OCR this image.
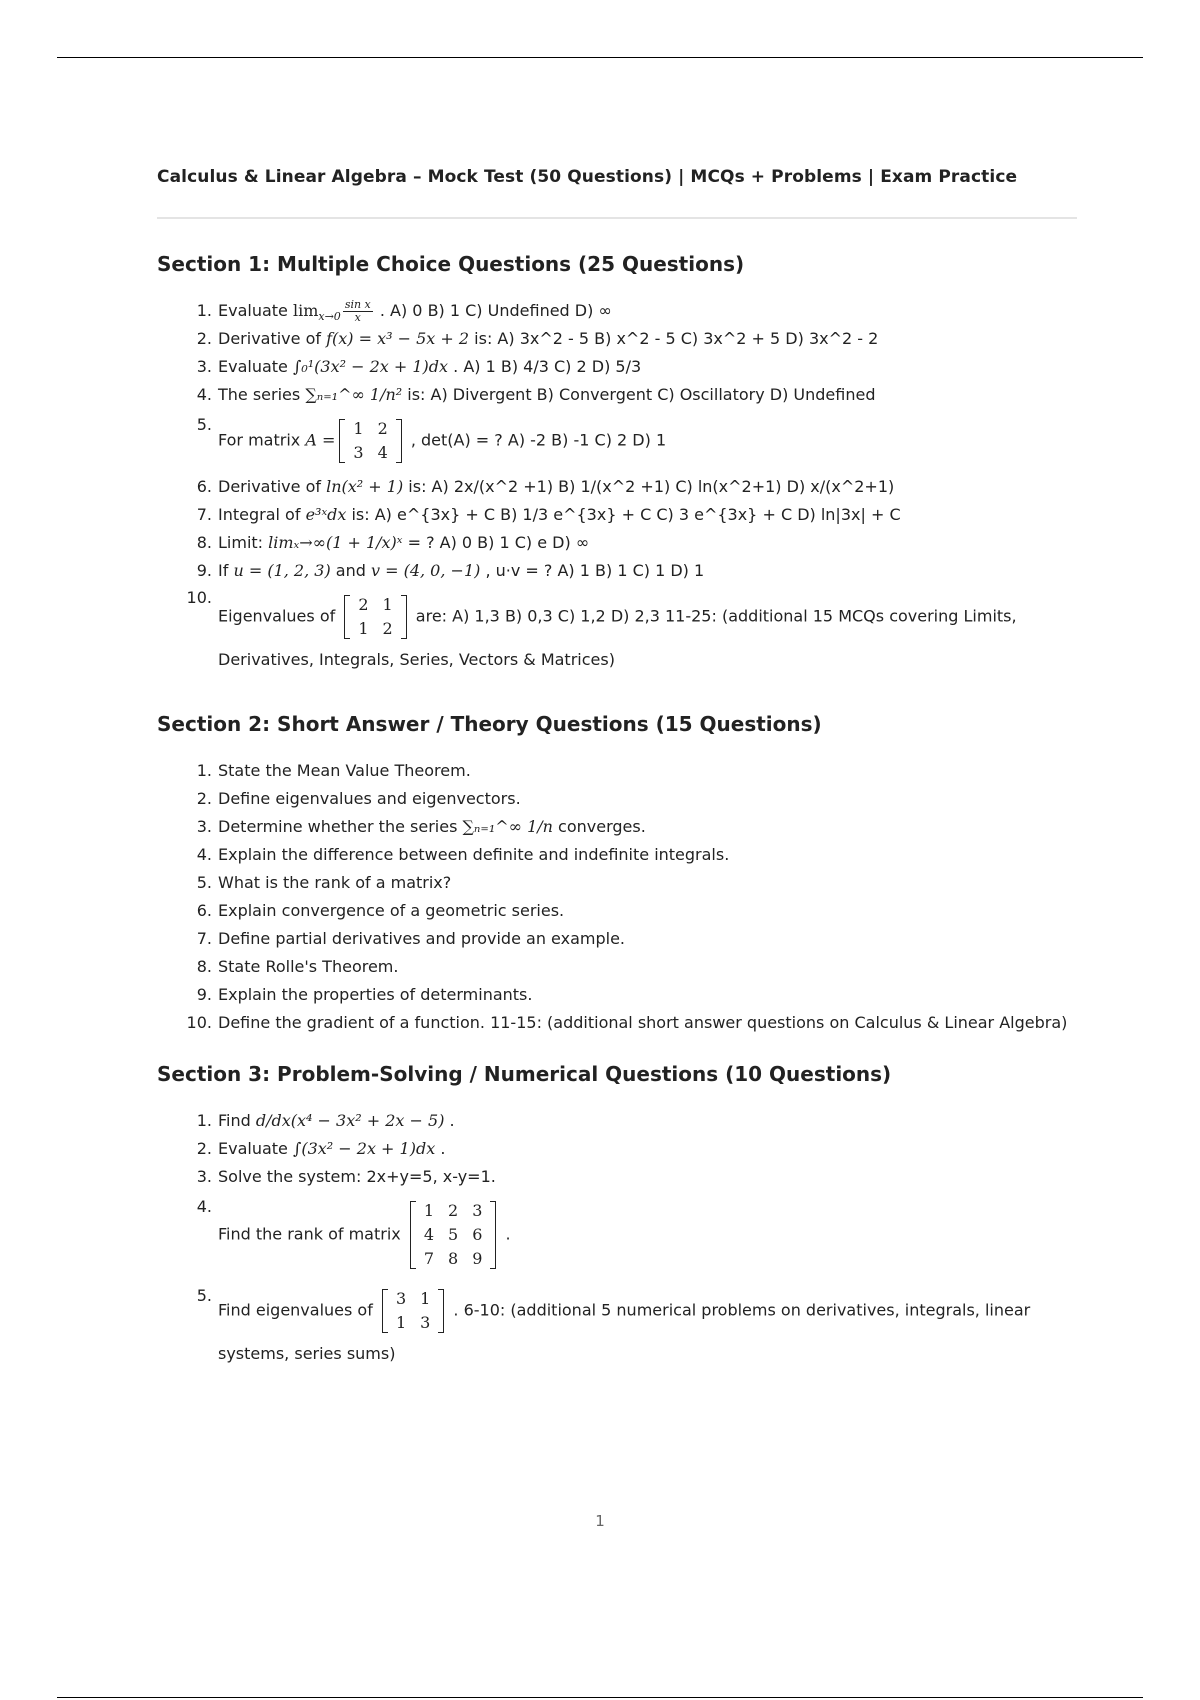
Calculus & Linear Algebra – Mock Test (50 Questions) | MCQs + Problems | Exam Practice
Section 1: Multiple Choice Questions (25 Questions)
1. Evaluate $\lim_{x\to 0} \frac{\text{sin x}}{x}$ . A) 0 B) 1 C) Undefined D) ∞
2. Derivative of f(x) = x³ − 5x + 2 is: A) 3x^2 - 5 B) x^2 - 5 C) 3x^2 + 5 D) 3x^2 - 2
3. Evaluate ∫₀¹(3x² − 2x + 1)dx . A) 1 B) 4/3 C) 2 D) 5/3
4. The series ∑ₙ₌₁^∞ 1/n² is: A) Divergent B) Convergent C) Oscillatory D) Undefined
5.
For matrix A =
1	2
3	4
, det(A) = ? A) -2 B) -1 C) 2 D) 1
6. Derivative of ln(x² + 1) is: A) 2x/(x^2 +1) B) 1/(x^2 +1) C) ln(x^2+1) D) x/(x^2+1)
7. Integral of e³ˣdx is: A) e^{3x} + C B) 1/3 e^{3x} + C C) 3 e^{3x} + C D) ln|3x| + C
8. Limit: limₓ→∞(1 + 1/x)ˣ = ? A) 0 B) 1 C) e D) ∞
9. If u = (1, 2, 3) and v = (4, 0, −1) , u·v = ? A) 1 B) 1 C) 1 D) 1
10.
Eigenvalues of
2	1
1	2
are: A) 1,3 B) 0,3 C) 1,2 D) 2,3 11-25: (additional 15 MCQs covering Limits, Derivatives, Integrals, Series, Vectors & Matrices)
Section 2: Short Answer / Theory Questions (15 Questions)
1. State the Mean Value Theorem.
2. Define eigenvalues and eigenvectors.
3. Determine whether the series ∑ₙ₌₁^∞ 1/n converges.
4. Explain the difference between definite and indefinite integrals.
5. What is the rank of a matrix?
6. Explain convergence of a geometric series.
7. Define partial derivatives and provide an example.
8. State Rolle's Theorem.
9. Explain the properties of determinants.
10. Define the gradient of a function. 11-15: (additional short answer questions on Calculus & Linear Algebra)
Section 3: Problem-Solving / Numerical Questions (10 Questions)
1. Find d/dx(x⁴ − 3x² + 2x − 5) .
2. Evaluate ∫(3x² − 2x + 1)dx .
3. Solve the system: 2x+y=5, x-y=1.
4.
Find the rank of matrix
1	2	3
4	5	6
7	8	9
.
5.
Find eigenvalues of
3	1
1	3
. 6-10: (additional 5 numerical problems on derivatives, integrals, linear systems, series sums)
1
